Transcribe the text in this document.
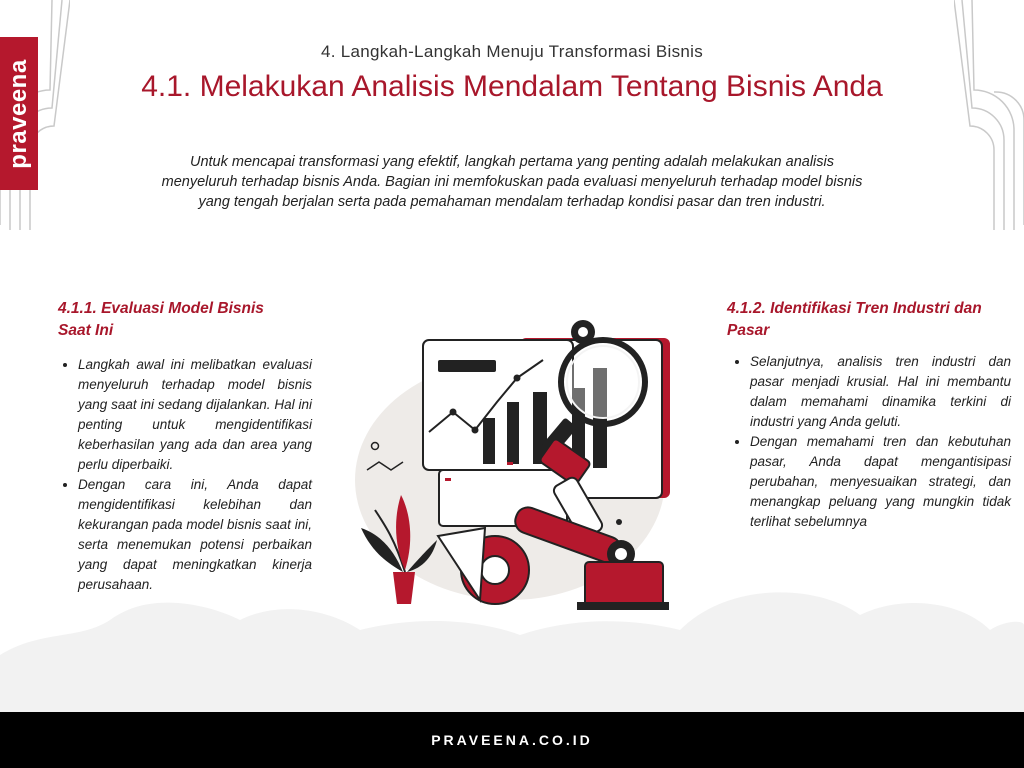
praveena
4. Langkah-Langkah Menuju Transformasi Bisnis
4.1. Melakukan Analisis Mendalam Tentang Bisnis Anda

Untuk mencapai transformasi yang efektif, langkah pertama yang penting adalah melakukan analisis menyeluruh terhadap bisnis Anda. Bagian ini memfokuskan pada evaluasi menyeluruh terhadap model bisnis yang tengah berjalan serta pada pemahaman mendalam terhadap kondisi pasar dan tren industri.

4.1.1. Evaluasi Model Bisnis Saat Ini
• Langkah awal ini melibatkan evaluasi menyeluruh terhadap model bisnis yang saat ini sedang dijalankan. Hal ini penting untuk mengidentifikasi keberhasilan yang ada dan area yang perlu diperbaiki.
• Dengan cara ini, Anda dapat mengidentifikasi kelebihan dan kekurangan pada model bisnis saat ini, serta menemukan potensi perbaikan yang dapat meningkatkan kinerja perusahaan.
4.1.2. Identifikasi Tren Industri dan Pasar
• Selanjutnya, analisis tren industri dan pasar menjadi krusial. Hal ini membantu dalam memahami dinamika terkini di industri yang Anda geluti.
• Dengan memahami tren dan kebutuhan pasar, Anda dapat mengantisipasi perubahan, menyesuaikan strategi, dan menangkap peluang yang mungkin tidak terlihat sebelumnya
PRAVEENA.CO.ID
